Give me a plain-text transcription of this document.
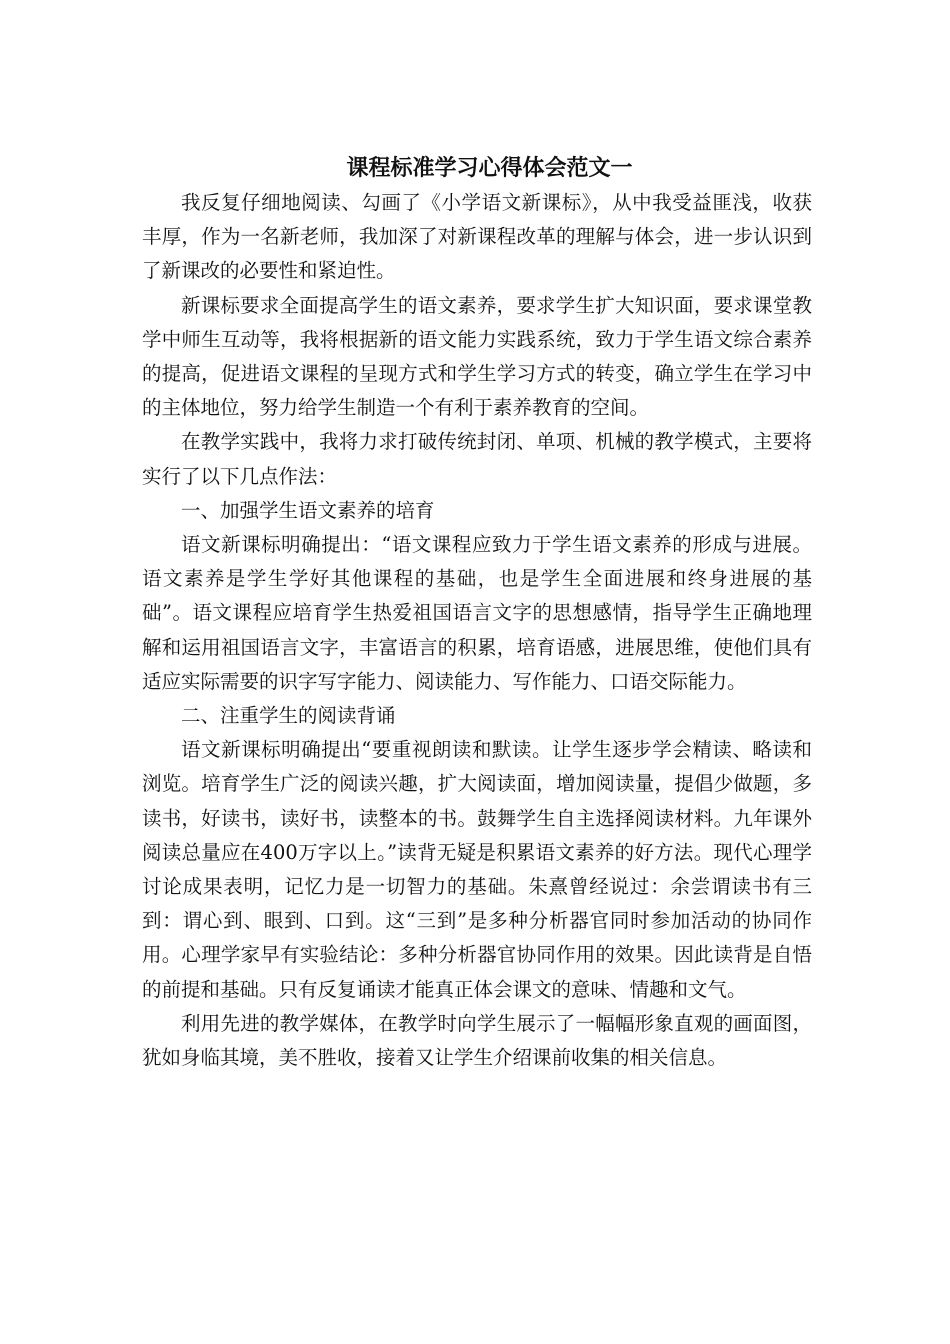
课程标准学习心得体会范文一

我反复仔细地阅读、勾画了《小学语文新课标》，从中我受益匪浅，收获丰厚，作为一名新老师，我加深了对新课程改革的理解与体会，进一步认识到了新课改的必要性和紧迫性。

新课标要求全面提高学生的语文素养，要求学生扩大知识面，要求课堂教学中师生互动等，我将根据新的语文能力实践系统，致力于学生语文综合素养的提高，促进语文课程的呈现方式和学生学习方式的转变，确立学生在学习中的主体地位，努力给学生制造一个有利于素养教育的空间。

在教学实践中，我将力求打破传统封闭、单项、机械的教学模式，主要将实行了以下几点作法：

一、加强学生语文素养的培育

语文新课标明确提出：“语文课程应致力于学生语文素养的形成与进展。语文素养是学生学好其他课程的基础，也是学生全面进展和终身进展的基础”。语文课程应培育学生热爱祖国语言文字的思想感情，指导学生正确地理解和运用祖国语言文字，丰富语言的积累，培育语感，进展思维，使他们具有适应实际需要的识字写字能力、阅读能力、写作能力、口语交际能力。

二、注重学生的阅读背诵

语文新课标明确提出“要重视朗读和默读。让学生逐步学会精读、略读和浏览。培育学生广泛的阅读兴趣，扩大阅读面，增加阅读量，提倡少做题，多读书，好读书，读好书，读整本的书。鼓舞学生自主选择阅读材料。九年课外阅读总量应在400万字以上。”读背无疑是积累语文素养的好方法。现代心理学讨论成果表明，记忆力是一切智力的基础。朱熹曾经说过：余尝谓读书有三到：谓心到、眼到、口到。这“三到”是多种分析器官同时参加活动的协同作用。心理学家早有实验结论：多种分析器官协同作用的效果。因此读背是自悟的前提和基础。只有反复诵读才能真正体会课文的意味、情趣和文气。

利用先进的教学媒体，在教学时向学生展示了一幅幅形象直观的画面图，犹如身临其境，美不胜收，接着又让学生介绍课前收集的相关信息。
